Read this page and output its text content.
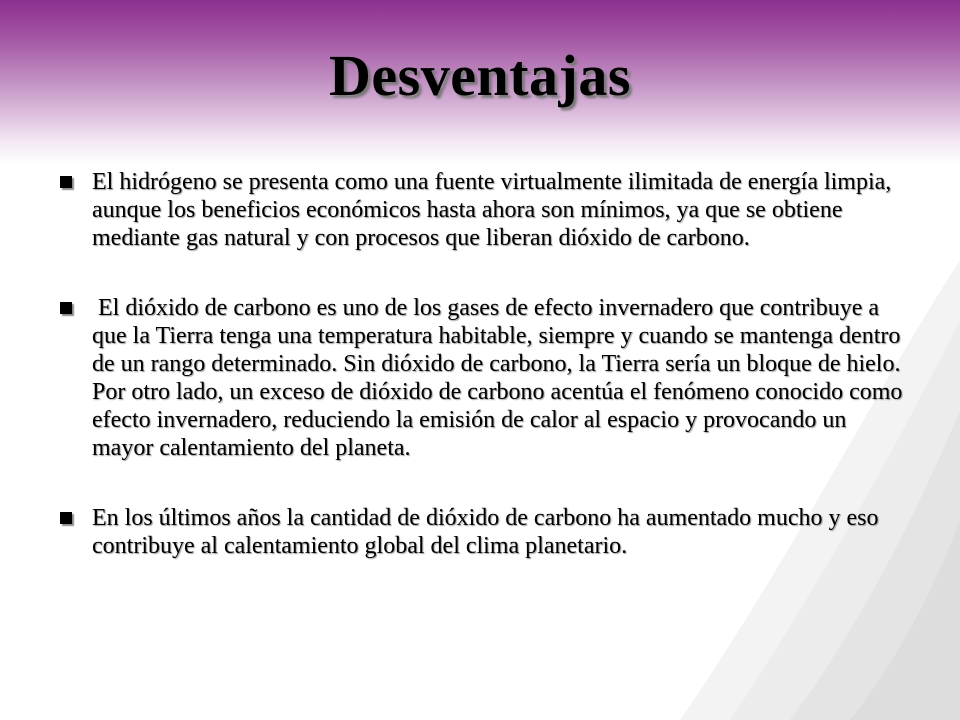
Desventajas
El hidrógeno se presenta como una fuente virtualmente ilimitada de energía limpia, aunque los beneficios económicos hasta ahora son mínimos, ya que se obtiene mediante gas natural y con procesos que liberan dióxido de carbono.
El dióxido de carbono es uno de los gases de efecto invernadero que contribuye a que la Tierra tenga una temperatura habitable, siempre y cuando se mantenga dentro de un rango determinado. Sin dióxido de carbono, la Tierra sería un bloque de hielo. Por otro lado, un exceso de dióxido de carbono acentúa el fenómeno conocido como efecto invernadero, reduciendo la emisión de calor al espacio y provocando un mayor calentamiento del planeta.
En los últimos años la cantidad de dióxido de carbono ha aumentado mucho y eso contribuye al calentamiento global del clima planetario.
